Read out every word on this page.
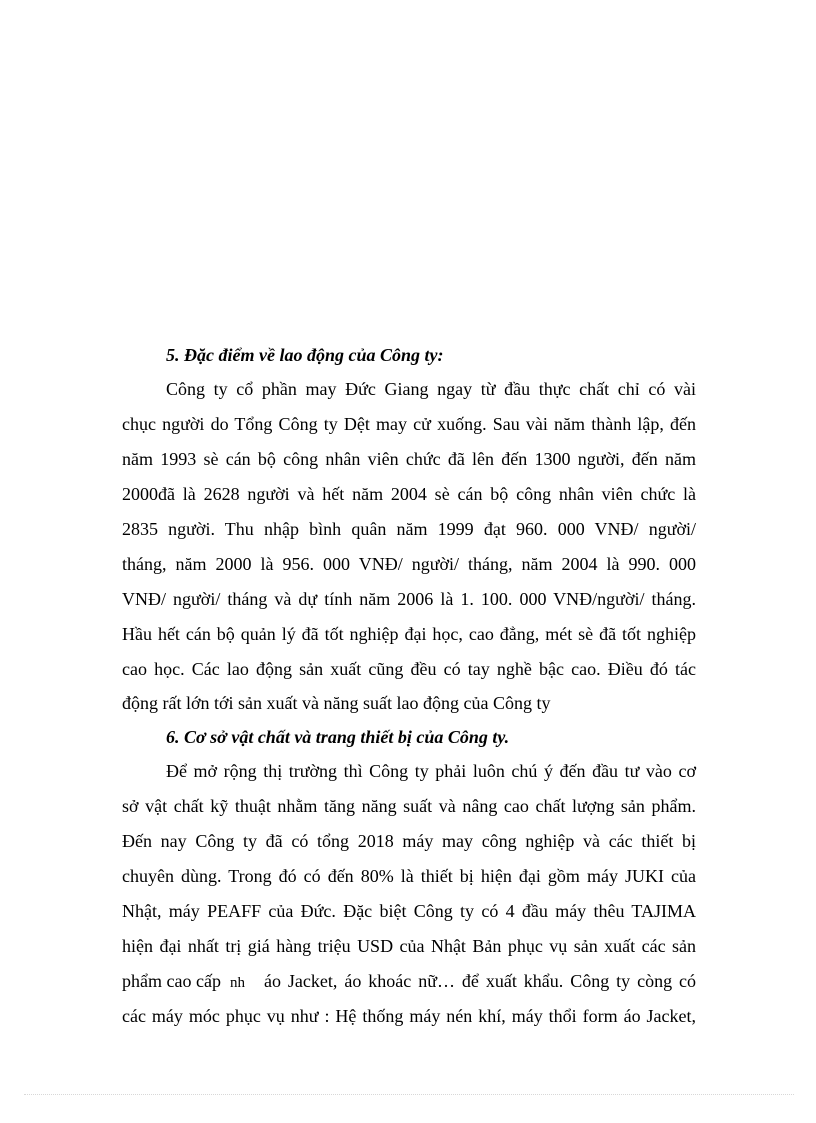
5. Đặc điểm về lao động của Công ty:
Công ty cổ phần may Đức Giang ngay từ đầu thực chất chỉ có vài
chục người do Tổng Công ty Dệt may cử xuống. Sau vài năm thành lập, đến
năm 1993 sè cán bộ công nhân viên chức đã lên đến 1300 người, đến năm
2000đã là 2628 người và hết năm 2004 sè cán bộ công nhân viên chức là
2835 người. Thu nhập bình quân năm 1999 đạt 960. 000 VNĐ/ người/
tháng, năm 2000 là 956. 000 VNĐ/ người/ tháng, năm 2004 là 990. 000
VNĐ/ người/ tháng và dự tính năm 2006 là 1. 100. 000 VNĐ/người/ tháng.
Hầu hết cán bộ quản lý đã tốt nghiệp đại học, cao đẳng, mét sè đã tốt nghiệp
cao học. Các lao động sản xuất cũng đều có tay nghề bậc cao. Điều đó tác
động rất lớn tới sản xuất và năng suất lao động của Công ty
6. Cơ sở vật chất và trang thiết bị của Công ty.
Để mở rộng thị trường thì Công ty phải luôn chú ý đến đầu tư vào cơ
sở vật chất kỹ thuật nhằm tăng năng suất và nâng cao chất lượng sản phẩm.
Đến nay Công ty đã có tổng 2018 máy may công nghiệp và các thiết bị
chuyên dùng. Trong đó có đến 80% là thiết bị hiện đại gồm máy JUKI của
Nhật, máy PEAFF của Đức. Đặc biệt Công ty có 4 đầu máy thêu TAJIMA
hiện đại nhất trị giá hàng triệu USD của Nhật Bản phục vụ sản xuất các sản
phẩm cao cấp nh áo Jacket, áo khoác nữ… để xuất khẩu. Công ty còng có
các máy móc phục vụ như : Hệ thống máy nén khí, máy thổi form áo Jacket,
